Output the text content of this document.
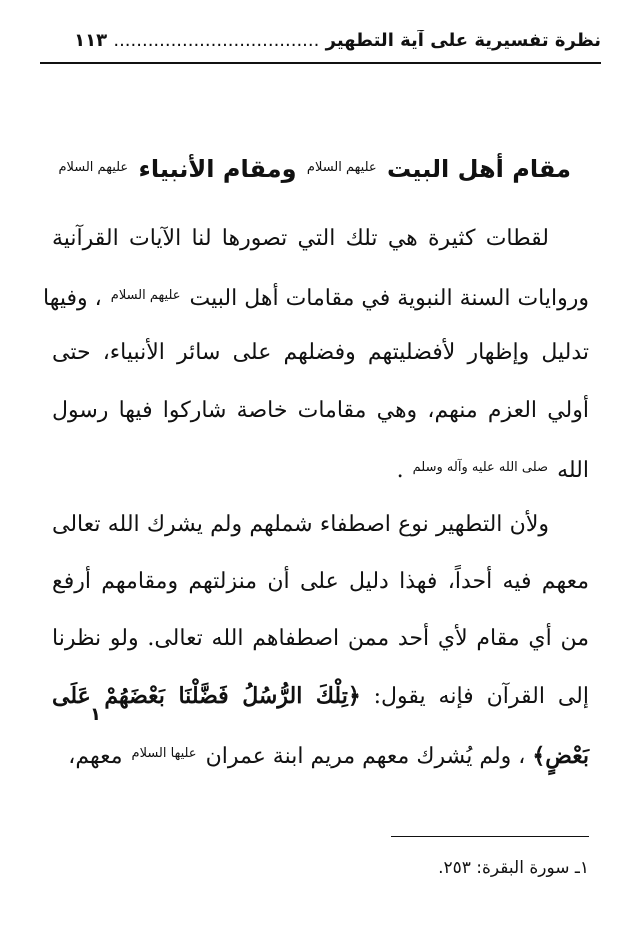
نظرة تفسيرية على آية التطهير .................................... ١١٣
مقام أهل البيت $^{عليهم السلام}$ ومقام الأنبياء $^{عليهم السلام}$
لقطات كثيرة هي تلك التي تصورها لنا الآيات القرآنية
وروايات السنة النبوية في مقامات أهل البيت $^{عليهم السلام}$ ، وفيها
تدليل وإظهار لأفضليتهم وفضلهم على سائر الأنبياء، حتى
أولي العزم منهم، وهي مقامات خاصة شاركوا فيها رسول
الله $^{صلى الله عليه وآله وسلم}$ .
ولأن التطهير نوع اصطفاء شملهم ولم يشرك الله تعالى
معهم فيه أحداً، فهذا دليل على أن منزلتهم ومقامهم أرفع
من أي مقام لأي أحد ممن اصطفاهم الله تعالى. ولو نظرنا
إلى القرآن فإنه يقول: ﴿تِلْكَ الرُّسُلُ فَضَّلْنَا بَعْضَهُمْ عَلَى
بَعْضٍ﴾ ، ولم يُشرك معهم مريم ابنة عمران $^{عليها السلام}$ معهم،
١
١ـ سورة البقرة: ٢٥٣.
